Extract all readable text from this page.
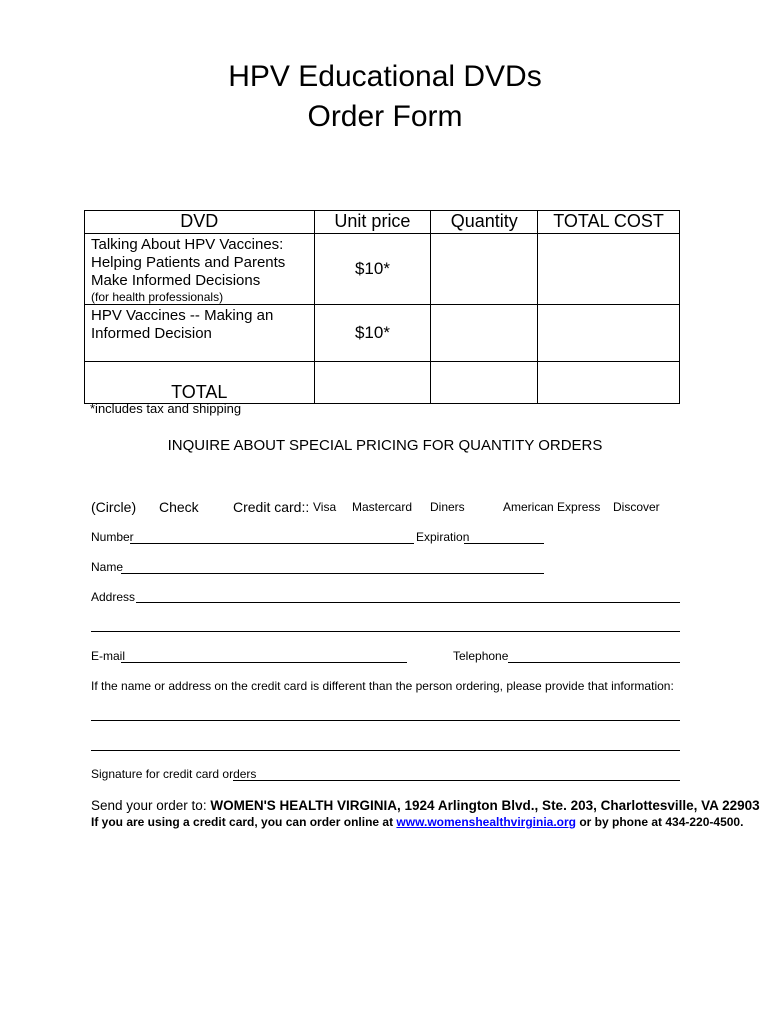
HPV Educational DVDs
Order Form
DVD	Unit price	Quantity	TOTAL COST

Talking About HPV Vaccines: Helping Patients and Parents Make Informed Decisions
(for health professionals)	$10*		

HPV Vaccines -- Making an Informed Decision	$10*		
TOTAL			
*includes tax and shipping
INQUIRE ABOUT SPECIAL PRICING FOR QUANTITY ORDERS
(Circle) Check Credit card:: Visa Mastercard Diners	American Express Discover
Number	Expiration
Name
Address
E-mail	Telephone
If the name or address on the credit card is different than the person ordering, please provide that information:
Signature for credit card orders
Send your order to: WOMEN'S HEALTH VIRGINIA, 1924 Arlington Blvd., Ste. 203, Charlottesville, VA 22903
If you are using a credit card, you can order online at www.womenshealthvirginia.org or by phone at 434-220-4500.
